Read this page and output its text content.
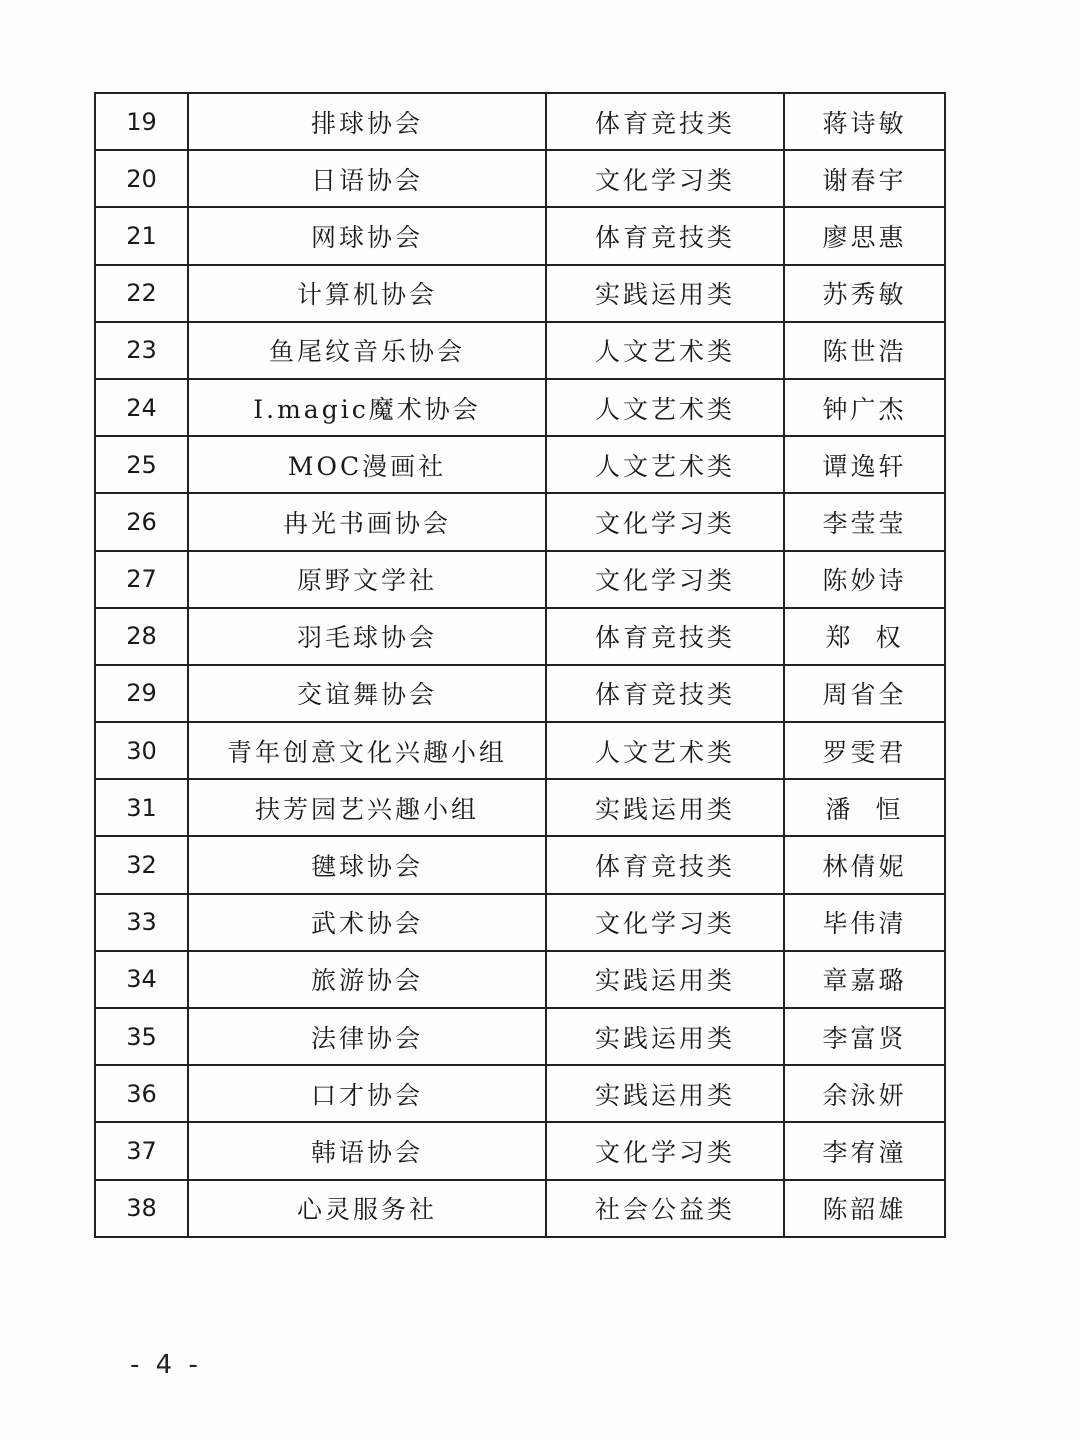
19	排球协会	体育竞技类	蒋诗敏
20	日语协会	文化学习类	谢春宇
21	网球协会	体育竞技类	廖思惠
22	计算机协会	实践运用类	苏秀敏
23	鱼尾纹音乐协会	人文艺术类	陈世浩
24	I.magic魔术协会	人文艺术类	钟广杰
25	MOC漫画社	人文艺术类	谭逸轩
26	冉光书画协会	文化学习类	李莹莹
27	原野文学社	文化学习类	陈妙诗
28	羽毛球协会	体育竞技类	郑  权
29	交谊舞协会	体育竞技类	周省全
30	青年创意文化兴趣小组	人文艺术类	罗雯君
31	扶芳园艺兴趣小组	实践运用类	潘  恒
32	毽球协会	体育竞技类	林倩妮
33	武术协会	文化学习类	毕伟清
34	旅游协会	实践运用类	章嘉璐
35	法律协会	实践运用类	李富贤
36	口才协会	实践运用类	余泳妍
37	韩语协会	文化学习类	李宥潼
38	心灵服务社	社会公益类	陈韶雄
- 4 -
